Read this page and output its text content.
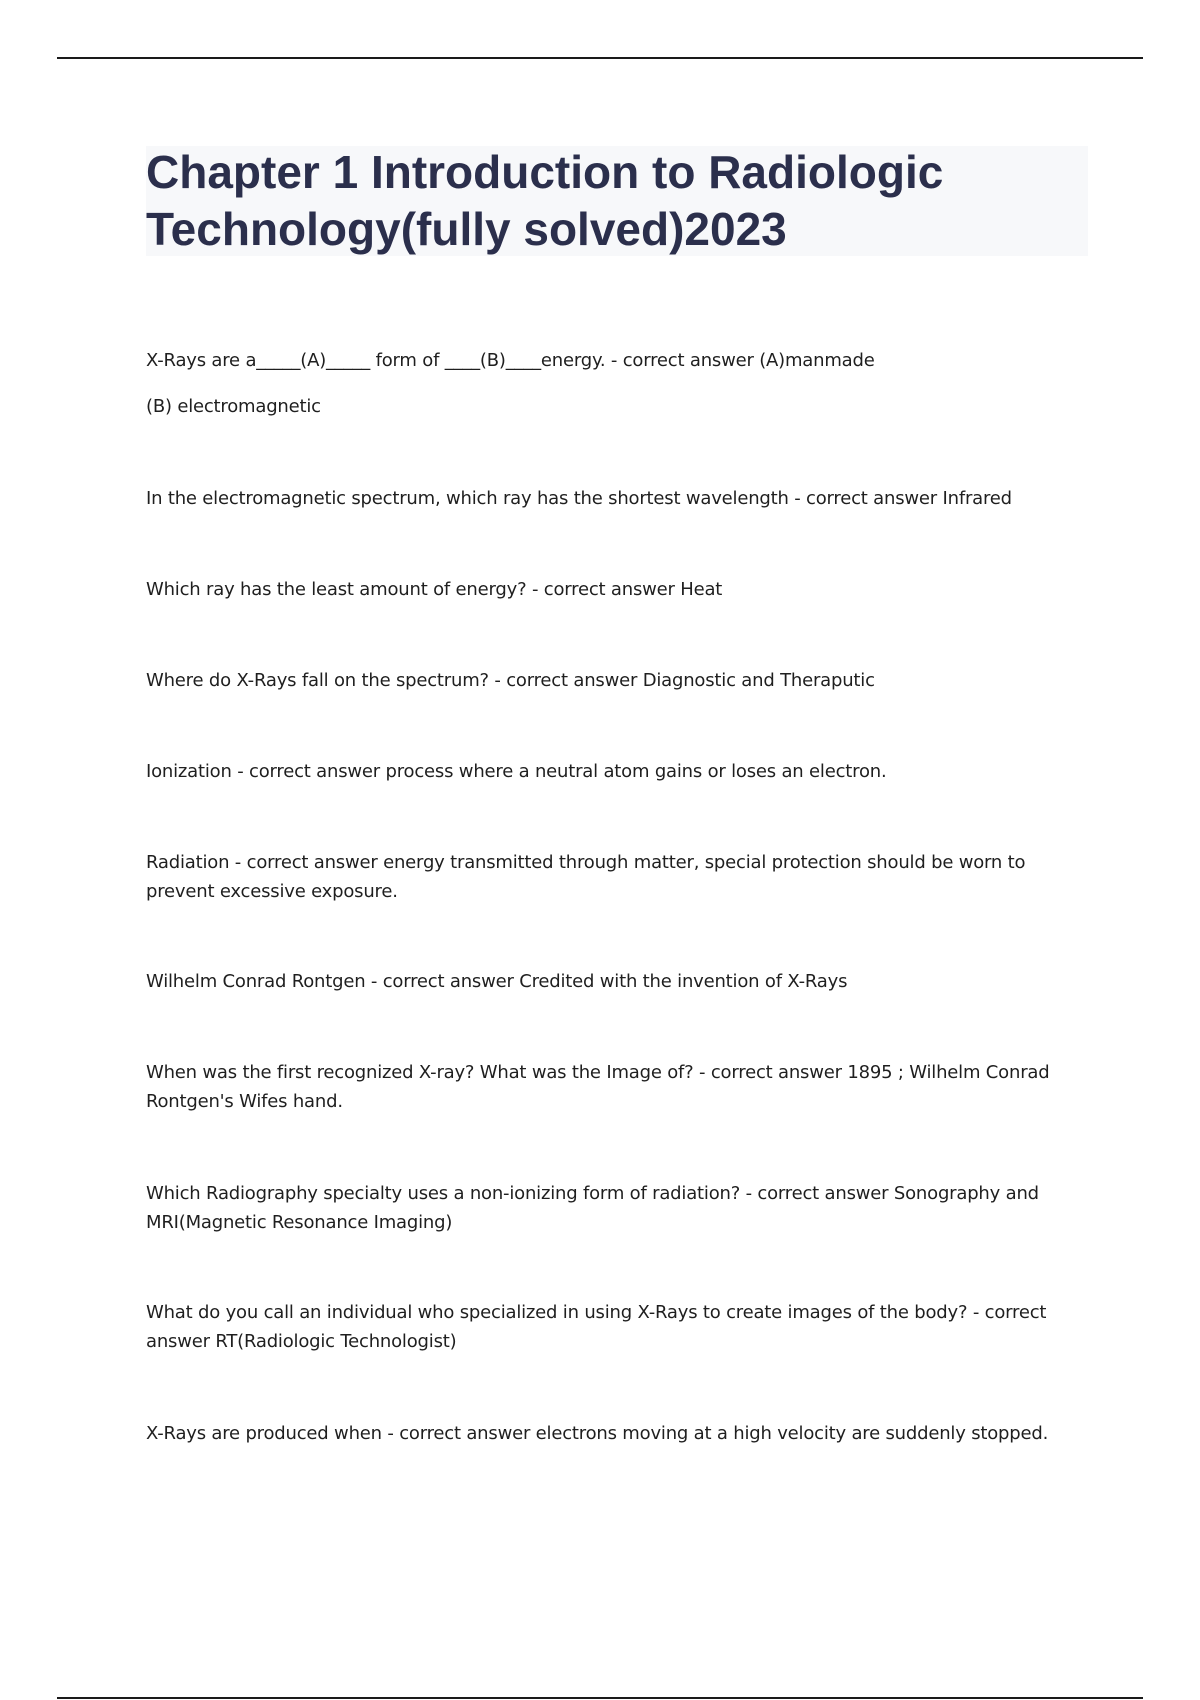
Chapter 1 Introduction to Radiologic Technology(fully solved)2023
X-Rays are a_____(A)_____ form of ____(B)____energy. - correct answer (A)manmade
(B) electromagnetic

In the electromagnetic spectrum, which ray has the shortest wavelength - correct answer Infrared

Which ray has the least amount of energy? - correct answer Heat

Where do X-Rays fall on the spectrum? - correct answer Diagnostic and Theraputic

Ionization - correct answer process where a neutral atom gains or loses an electron.

Radiation - correct answer energy transmitted through matter, special protection should be worn to prevent excessive exposure.

Wilhelm Conrad Rontgen - correct answer Credited with the invention of X-Rays

When was the first recognized X-ray? What was the Image of? - correct answer 1895 ; Wilhelm Conrad Rontgen's Wifes hand.

Which Radiography specialty uses a non-ionizing form of radiation? - correct answer Sonography and MRI(Magnetic Resonance Imaging)

What do you call an individual who specialized in using X-Rays to create images of the body? - correct answer RT(Radiologic Technologist)

X-Rays are produced when - correct answer electrons moving at a high velocity are suddenly stopped.
